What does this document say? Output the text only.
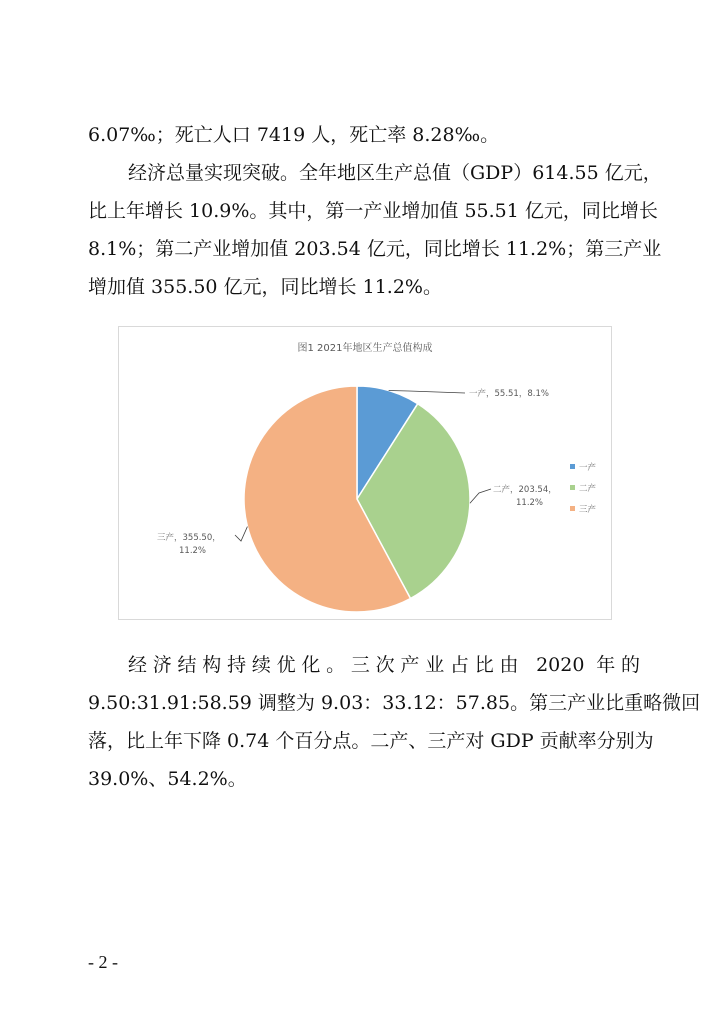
6.07‰；死亡人口 7419 人，死亡率 8.28‰。
经济总量实现突破。全年地区生产总值（GDP）614.55 亿元，
比上年增长 10.9%。其中，第一产业增加值 55.51 亿元，同比增长
8.1%；第二产业增加值 203.54 亿元，同比增长 11.2%；第三产业
增加值 355.50 亿元，同比增长 11.2%。
图1 2021年地区生产总值构成
一产，55.51，8.1%
二产，203.54，
11.2%
三产，355.50，
11.2%
一产
二产
三产
经济结构持续优化。三次产业占比由 2020 年的
9.50:31.91:58.59 调整为 9.03：33.12：57.85。第三产业比重略微回
落，比上年下降 0.74 个百分点。二产、三产对 GDP 贡献率分别为
39.0%、54.2%。
- 2 -
